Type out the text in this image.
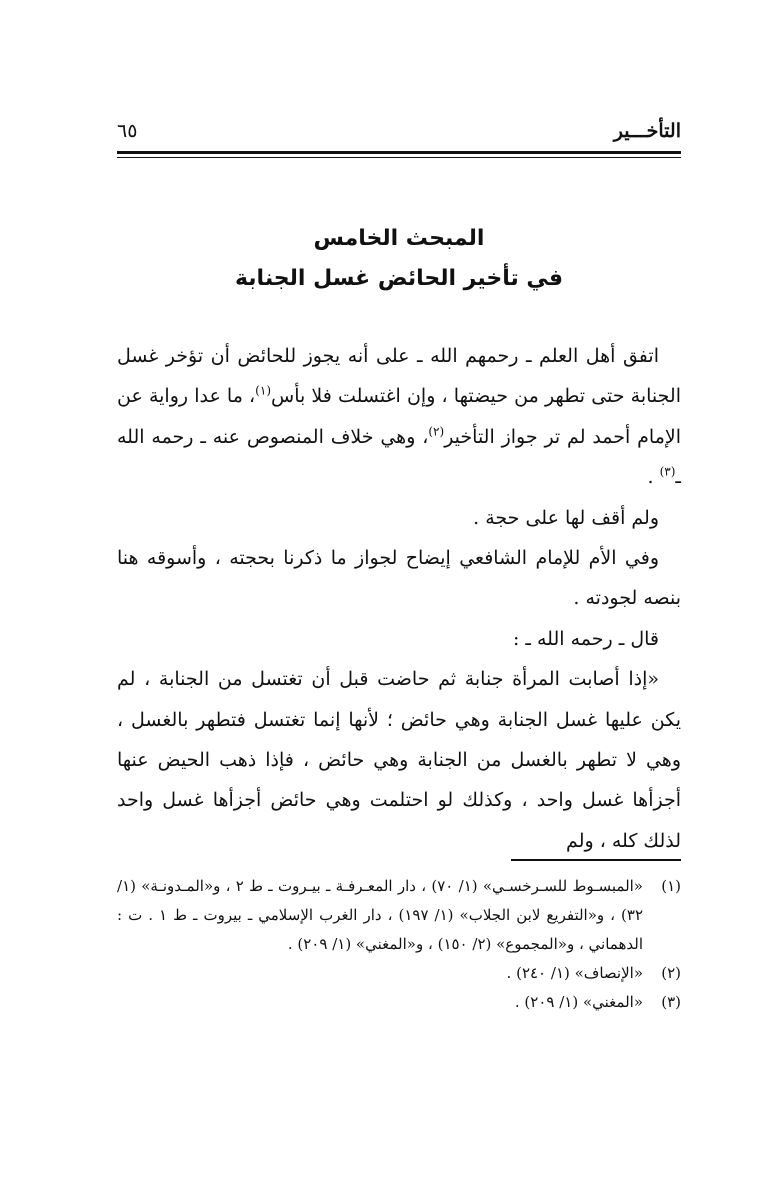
التأخـــير
٦٥
المبحث الخامس
في تأخير الحائض غسل الجنابة

اتفق أهل العلم ـ رحمهم الله ـ على أنه يجوز للحائض أن تؤخر غسل الجنابة حتى تطهر من حيضتها ، وإن اغتسلت فلا بأس$^{(١)}$، ما عدا رواية عن الإمام أحمد لم تر جواز التأخير$^{(٢)}$، وهي خلاف المنصوص عنه ـ رحمه الله ـ$^{(٣)}$ .

ولم أقف لها على حجة .

وفي الأم للإمام الشافعي إيضاح لجواز ما ذكرنا بحجته ، وأسوقه هنا بنصه لجودته .

قال ـ رحمه الله ـ :

«إذا أصابت المرأة جنابة ثم حاضت قبل أن تغتسل من الجنابة ، لم يكن عليها غسل الجنابة وهي حائض ؛ لأنها إنما تغتسل فتطهر بالغسل ، وهي لا تطهر بالغسل من الجنابة وهي حائض ، فإذا ذهب الحيض عنها أجزأها غسل واحد ، وكذلك لو احتلمت وهي حائض أجزأها غسل واحد لذلك كله ، ولم

(١)
«المبسـوط للسـرخسـي» (١/ ٧٠) ، دار المعـرفـة ـ بيـروت ـ ط ٢ ، و«المـدونـة» (١/ ٣٢) ، و«التفريع لابن الجلاب» (١/ ١٩٧) ، دار الغرب الإسلامي ـ بيروت ـ ط ١ . ت : الدهماني ، و«المجموع» (٢/ ١٥٠) ، و«المغني» (١/ ٢٠٩) .
(٢)
«الإنصاف» (١/ ٢٤٠) .
(٣)
«المغني» (١/ ٢٠٩) .
